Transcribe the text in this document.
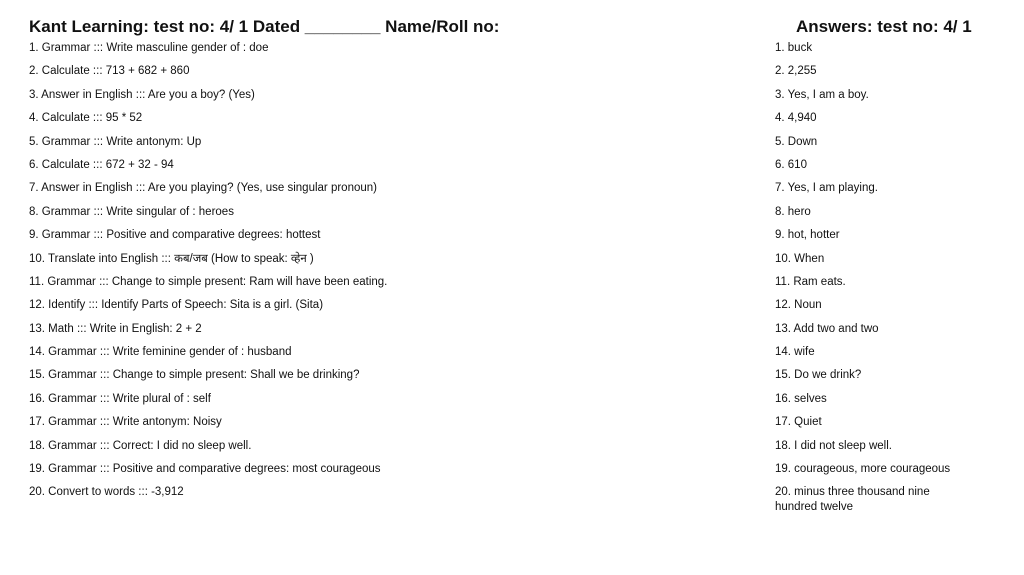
Kant Learning: test no: 4/ 1 Dated ________ Name/Roll no:
1. Grammar ::: Write masculine gender of : doe
2. Calculate ::: 713 + 682 + 860
3. Answer in English ::: Are you a boy? (Yes)
4. Calculate ::: 95 * 52
5. Grammar ::: Write antonym: Up
6. Calculate ::: 672 + 32 - 94
7. Answer in English ::: Are you playing? (Yes, use singular pronoun)
8. Grammar ::: Write singular of : heroes
9. Grammar ::: Positive and comparative degrees: hottest
10. Translate into English ::: कब/जब (How to speak: व्हेन )
11. Grammar ::: Change to simple present: Ram will have been eating.
12. Identify ::: Identify Parts of Speech: Sita is a girl. (Sita)
13. Math ::: Write in English: 2 + 2
14. Grammar ::: Write feminine gender of : husband
15. Grammar ::: Change to simple present: Shall we be drinking?
16. Grammar ::: Write plural of : self
17. Grammar ::: Write antonym: Noisy
18. Grammar ::: Correct: I did no sleep well.
19. Grammar ::: Positive and comparative degrees: most courageous
20. Convert to words ::: -3,912
Answers: test no: 4/ 1
1. buck
2. 2,255
3. Yes, I am a boy.
4. 4,940
5. Down
6. 610
7. Yes, I am playing.
8. hero
9. hot, hotter
10. When
11. Ram eats.
12. Noun
13. Add two and two
14. wife
15. Do we drink?
16. selves
17. Quiet
18. I did not sleep well.
19. courageous, more courageous
20. minus three thousand nine hundred twelve
